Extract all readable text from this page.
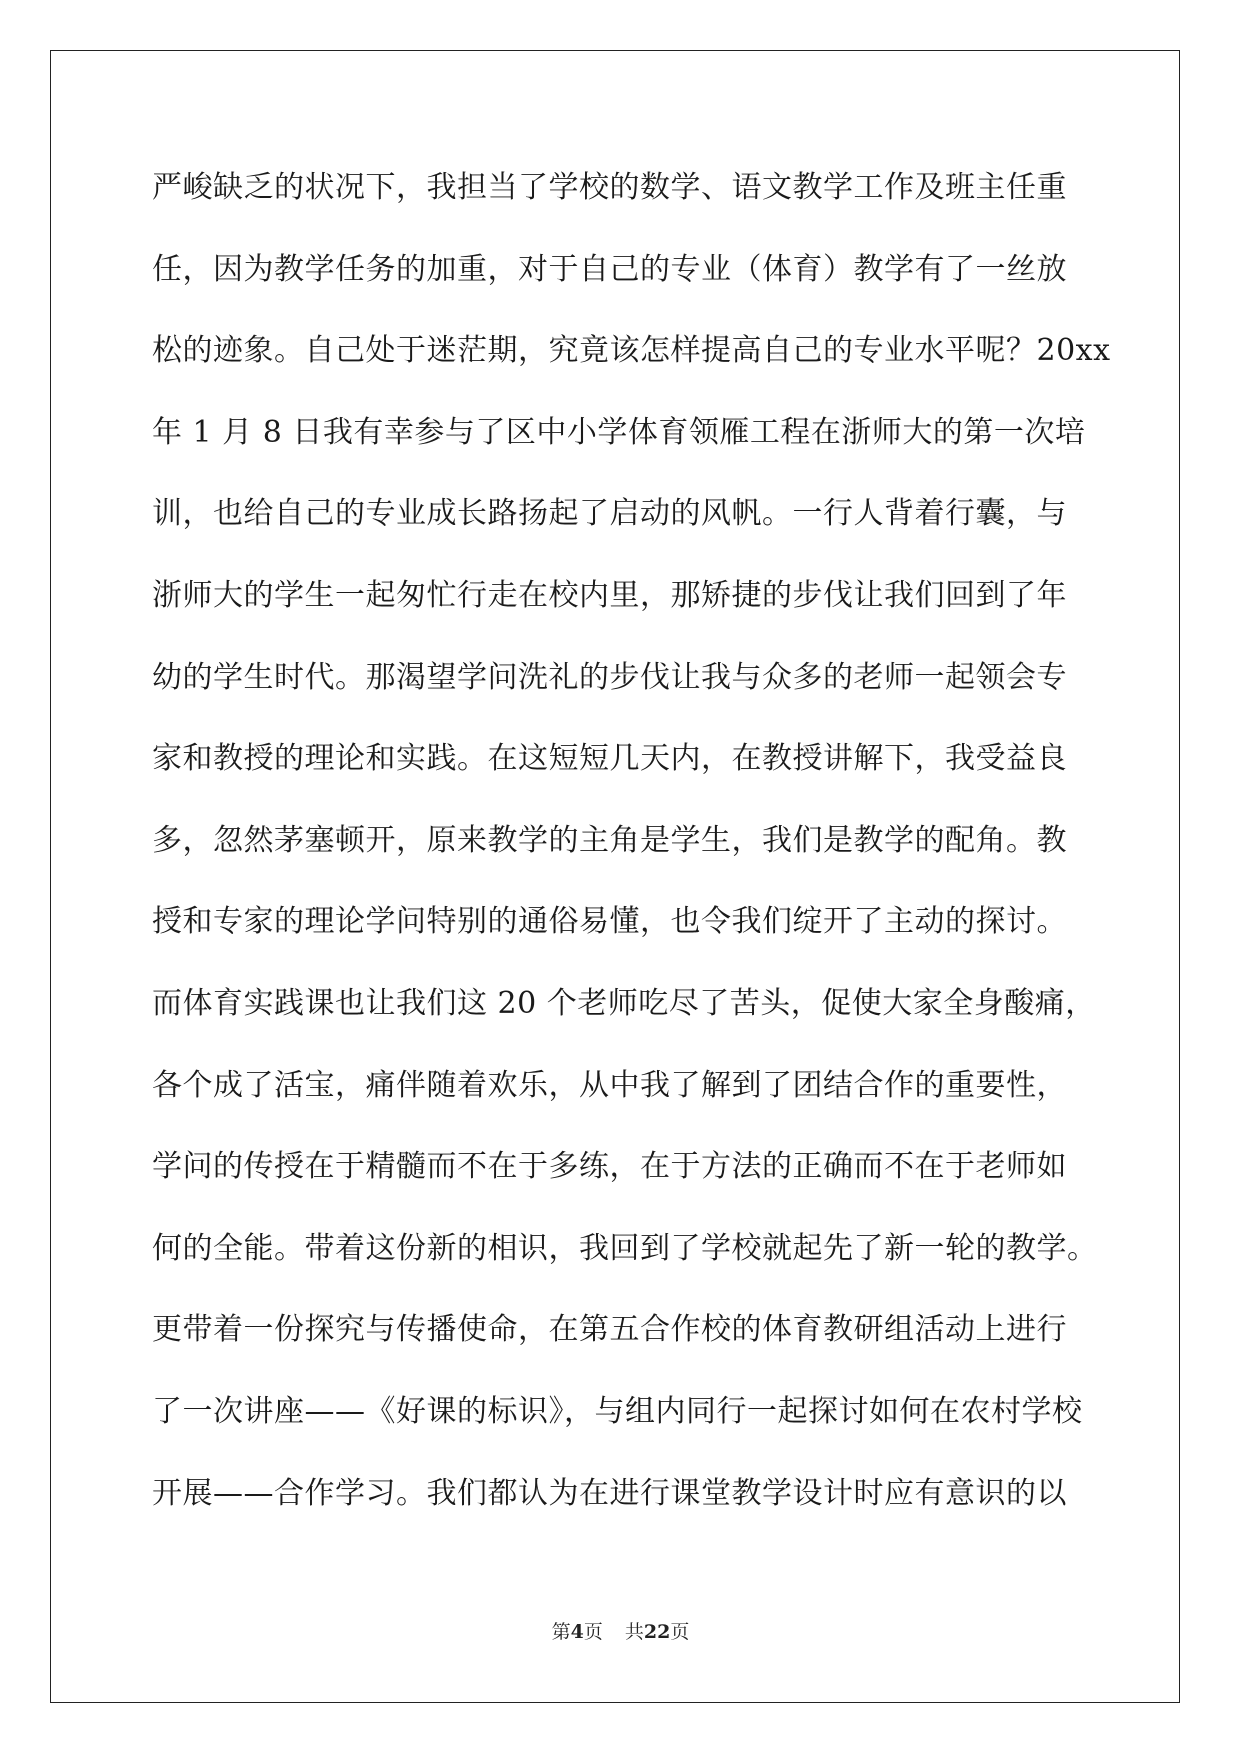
严峻缺乏的状况下，我担当了学校的数学、语文教学工作及班主任重
任，因为教学任务的加重，对于自己的专业（体育）教学有了一丝放
松的迹象。自己处于迷茫期，究竟该怎样提高自己的专业水平呢？20xx
年 1 月 8 日我有幸参与了区中小学体育领雁工程在浙师大的第一次培
训，也给自己的专业成长路扬起了启动的风帆。一行人背着行囊，与
浙师大的学生一起匆忙行走在校内里，那矫捷的步伐让我们回到了年
幼的学生时代。那渴望学问洗礼的步伐让我与众多的老师一起领会专
家和教授的理论和实践。在这短短几天内，在教授讲解下，我受益良
多，忽然茅塞顿开，原来教学的主角是学生，我们是教学的配角。教
授和专家的理论学问特别的通俗易懂，也令我们绽开了主动的探讨。
而体育实践课也让我们这 20 个老师吃尽了苦头，促使大家全身酸痛，
各个成了活宝，痛伴随着欢乐，从中我了解到了团结合作的重要性，
学问的传授在于精髓而不在于多练，在于方法的正确而不在于老师如
何的全能。带着这份新的相识，我回到了学校就起先了新一轮的教学。
更带着一份探究与传播使命，在第五合作校的体育教研组活动上进行
了一次讲座——《好课的标识》，与组内同行一起探讨如何在农村学校
开展——合作学习。我们都认为在进行课堂教学设计时应有意识的以
第4页 共22页
